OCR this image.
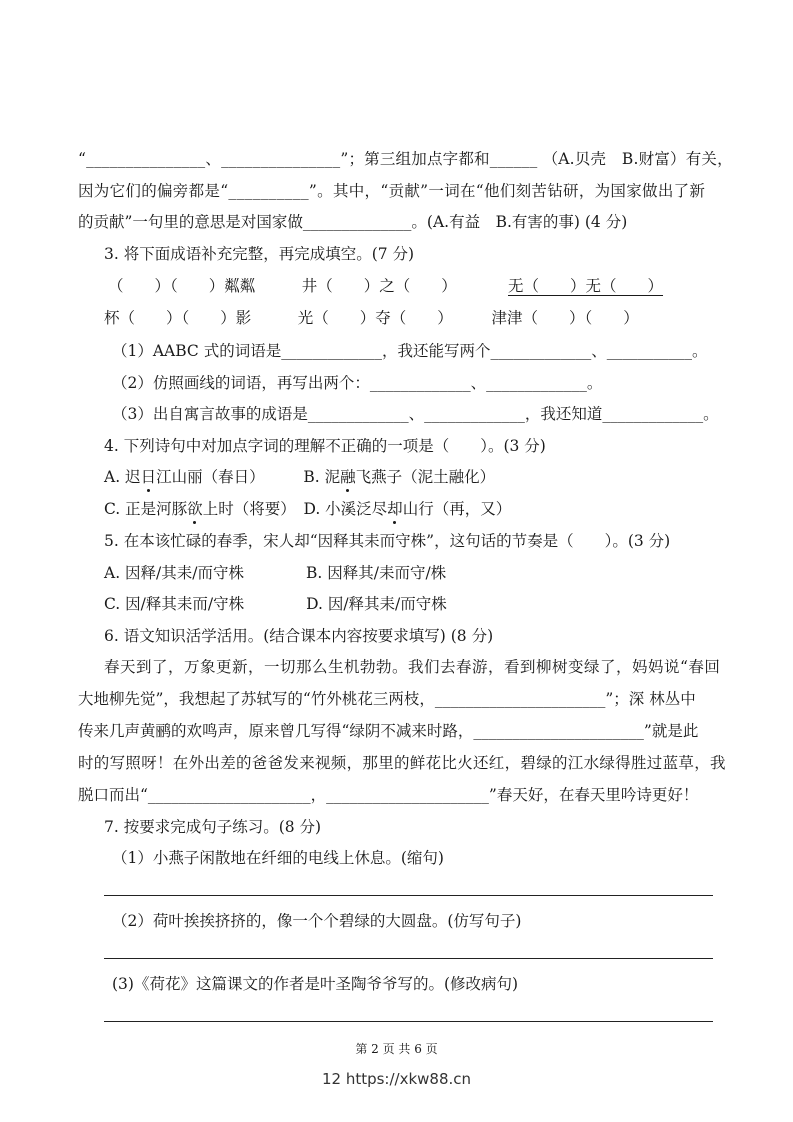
“_______________、_______________”；第三组加点字都和______ （A.贝壳　B.财富）有关，
因为它们的偏旁都是“__________”。其中，“贡献”一词在“他们刻苦钻研，为国家做出了新
的贡献”一句里的意思是对国家做______________。(A.有益　B.有害的事) (4 分)
3. 将下面成语补充完整，再完成填空。(7 分)
（　　）（　　）粼粼　　　井（　　）之（　　）	无（　　）无（　　）
杯（　　）（　　）影　　　光（　　）夺（　　）　　　津津（　　）（　　）
（1）AABC 式的词语是_____________，我还能写两个_____________、___________。
（2）仿照画线的词语，再写出两个：_____________、_____________。
（3）出自寓言故事的成语是_____________、_____________，我还知道_____________。
4. 下列诗句中对加点字词的理解不正确的一项是（　　）。(3 分)
A. 迟日江山丽（春日）　　　B. 泥融飞燕子（泥土融化）
C. 正是河豚欲上时（将要）　D. 小溪泛尽却山行（再，又）
5. 在本该忙碌的春季，宋人却“因释其耒而守株”，这句话的节奏是（　　）。(3 分)
A. 因释/其耒/而守株　　　　B. 因释其/耒而守/株
C. 因/释其耒而/守株　　　　D. 因/释其耒/而守株
6. 语文知识活学活用。(结合课本内容按要求填写) (8 分)
春天到了，万象更新，一切那么生机勃勃。我们去春游，看到柳树变绿了，妈妈说“春回
大地柳先觉”，我想起了苏轼写的“竹外桃花三两枝，______________________”；深 林丛中
传来几声黄鹂的欢鸣声，原来曾几写得“绿阴不减来时路，______________________”就是此
时的写照呀！在外出差的爸爸发来视频，那里的鲜花比火还红，碧绿的江水绿得胜过蓝草，我
脱口而出“_____________________，_____________________”春天好，在春天里吟诗更好！
7. 按要求完成句子练习。(8 分)
（1）小燕子闲散地在纤细的电线上休息。(缩句)
（2）荷叶挨挨挤挤的，像一个个碧绿的大圆盘。(仿写句子)
(3)《荷花》这篇课文的作者是叶圣陶爷爷写的。(修改病句)
第 2 页 共 6 页
12 https://xkw88.cn
